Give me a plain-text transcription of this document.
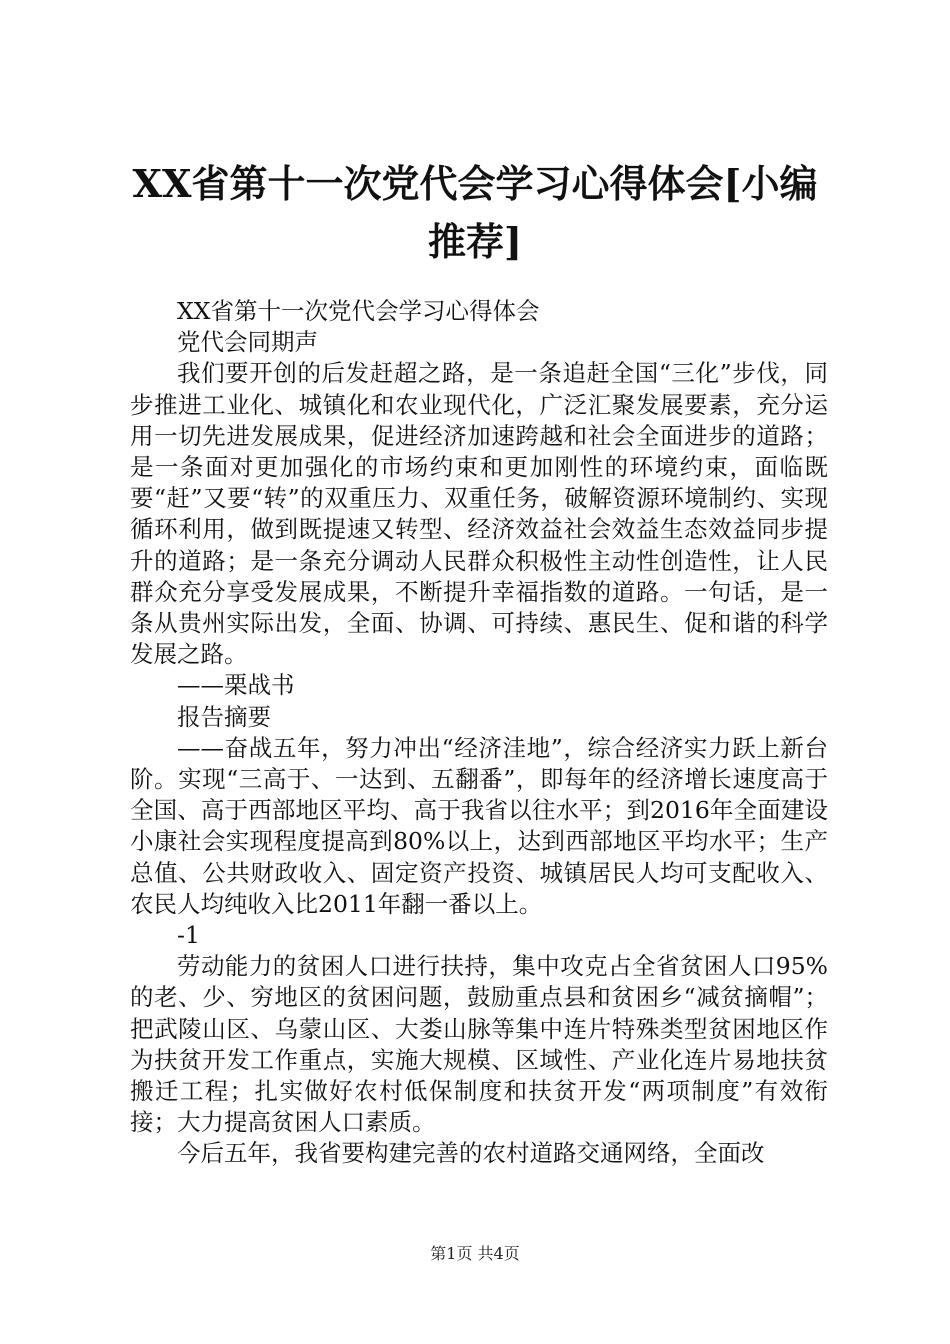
XX省第十一次党代会学习心得体会[小编推荐]

XX省第十一次党代会学习心得体会

党代会同期声

我们要开创的后发赶超之路，是一条追赶全国“三化”步伐，同步推进工业化、城镇化和农业现代化，广泛汇聚发展要素，充分运用一切先进发展成果，促进经济加速跨越和社会全面进步的道路；是一条面对更加强化的市场约束和更加刚性的环境约束，面临既要“赶”又要“转”的双重压力、双重任务，破解资源环境制约、实现循环利用，做到既提速又转型、经济效益社会效益生态效益同步提升的道路；是一条充分调动人民群众积极性主动性创造性，让人民群众充分享受发展成果，不断提升幸福指数的道路。一句话，是一条从贵州实际出发，全面、协调、可持续、惠民生、促和谐的科学发展之路。

——栗战书

报告摘要

——奋战五年，努力冲出“经济洼地”，综合经济实力跃上新台阶。实现“三高于、一达到、五翻番”，即每年的经济增长速度高于全国、高于西部地区平均、高于我省以往水平；到2016年全面建设小康社会实现程度提高到80%以上，达到西部地区平均水平；生产总值、公共财政收入、固定资产投资、城镇居民人均可支配收入、农民人均纯收入比2011年翻一番以上。

-1

劳动能力的贫困人口进行扶持，集中攻克占全省贫困人口95%的老、少、穷地区的贫困问题，鼓励重点县和贫困乡“减贫摘帽”；把武陵山区、乌蒙山区、大娄山脉等集中连片特殊类型贫困地区作为扶贫开发工作重点，实施大规模、区域性、产业化连片易地扶贫搬迁工程；扎实做好农村低保制度和扶贫开发“两项制度”有效衔接；大力提高贫困人口素质。

今后五年，我省要构建完善的农村道路交通网络，全面改

第1页 共4页
